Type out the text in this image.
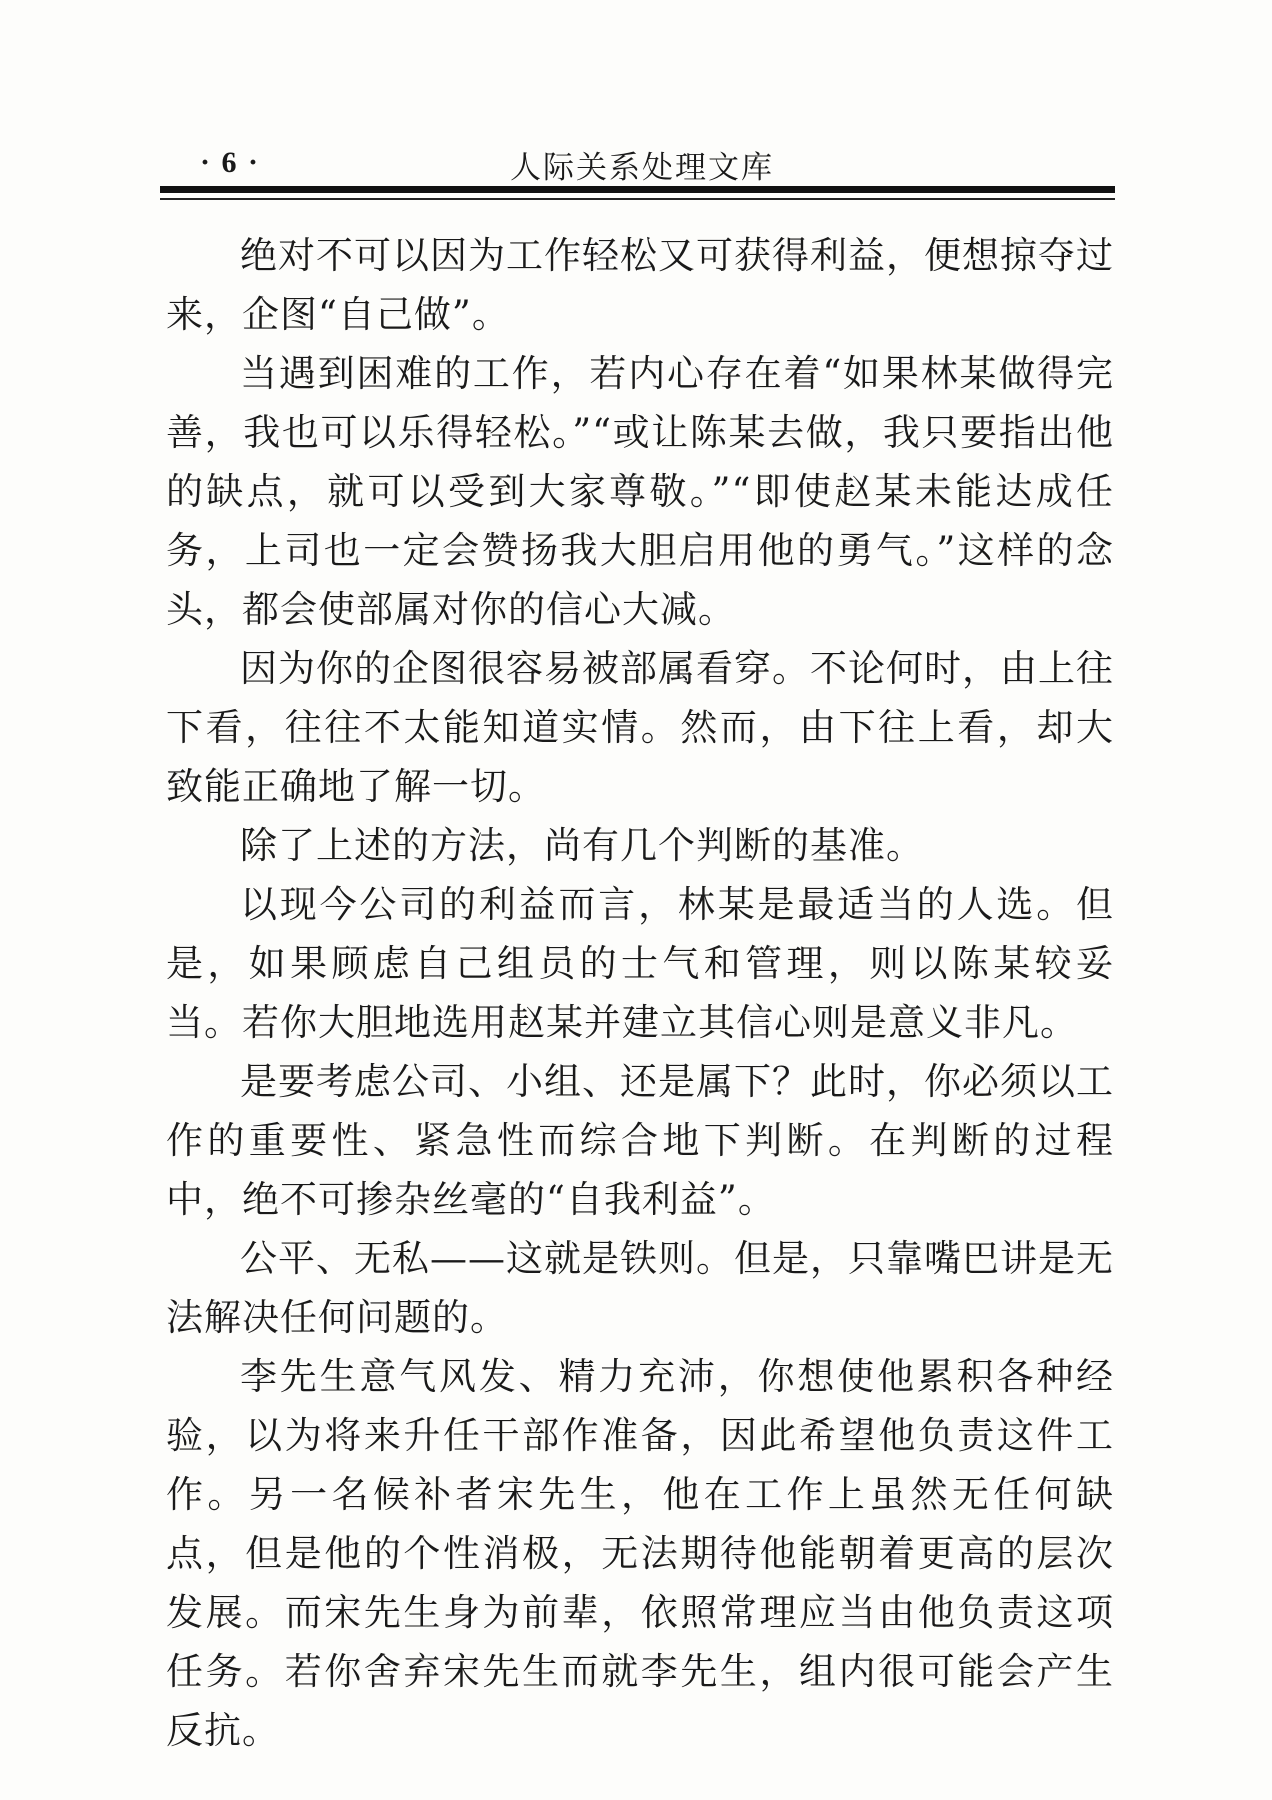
· 6 ·	人际关系处理文库

绝对不可以因为工作轻松又可获得利益，便想掠夺过来，企图“自己做”。

当遇到困难的工作，若内心存在着“如果林某做得完善，我也可以乐得轻松。”“或让陈某去做，我只要指出他的缺点，就可以受到大家尊敬。”“即使赵某未能达成任务，上司也一定会赞扬我大胆启用他的勇气。”这样的念头，都会使部属对你的信心大减。

因为你的企图很容易被部属看穿。不论何时，由上往下看，往往不太能知道实情。然而，由下往上看，却大致能正确地了解一切。

除了上述的方法，尚有几个判断的基准。

以现今公司的利益而言，林某是最适当的人选。但是，如果顾虑自己组员的士气和管理，则以陈某较妥当。若你大胆地选用赵某并建立其信心则是意义非凡。

是要考虑公司、小组、还是属下？此时，你必须以工作的重要性、紧急性而综合地下判断。在判断的过程中，绝不可掺杂丝毫的“自我利益”。

公平、无私——这就是铁则。但是，只靠嘴巴讲是无法解决任何问题的。

李先生意气风发、精力充沛，你想使他累积各种经验，以为将来升任干部作准备，因此希望他负责这件工作。另一名候补者宋先生，他在工作上虽然无任何缺点，但是他的个性消极，无法期待他能朝着更高的层次发展。而宋先生身为前辈，依照常理应当由他负责这项任务。若你舍弃宋先生而就李先生，组内很可能会产生反抗。
